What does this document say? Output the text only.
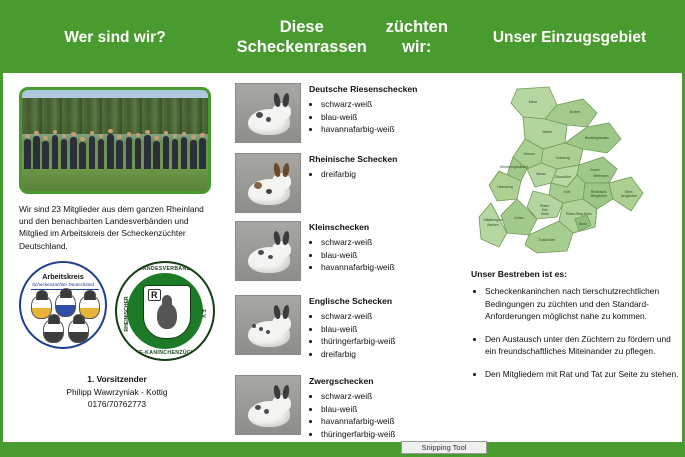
Wer sind wir?
Diese Scheckenrassen

züchten wir:
Unser Einzugsgebiet
Wir sind 23 Mitglieder aus dem ganzen Rheinland und den benachbarten Landesverbänden und Mitglied im Arbeitskreis der Scheckenzüchter Deutschland.
Arbeitskreis
Scheckenzüchter Deutschland
R
LANDESVERBAND
RHEINISCHER	E.V.
RASSE-KANINCHENZÜCHTER
1. Vorsitzender
Philipp Wawrzyniak - Kottig
0176/70762773
Deutsche Riesenschecken
• schwarz-weiß
• blau-weiß
• havannafarbig-weiß
Rheinische Schecken
• dreifarbig
Kleinschecken
• schwarz-weiß
• blau-weiß
• havannafarbig-weiß
Englische Schecken
• schwarz-weiß
• blau-weiß
• thüringerfarbig-weiß
• dreifarbig
Zwergschecken
• schwarz-weiß
• blau-weiß
• havannafarbig-weiß
• thüringerfarbig-weiß
•
Kleve
Borken
Wesel
Recklinghausen
Duisburg
Essen
Mettmann
Düsseldorf
Viersen
Neuss
Mönchengladbach
Heinsberg
Köln
Rhein-
Erft-
Kreis
Rheinisch-
Bergischer
Ober-
bergischer
Düren
Rhein-Sieg-Kreis
Bonn
Euskirchen
Städteregion
Aachen
Unser Bestreben ist es:
• Scheckenkaninchen nach tierschutzrechtlichen Bedingungen zu züchten und den Standard-Anforderungen möglichst nahe zu kommen.
• Den Austausch unter den Züchtern zu fördern und ein freundschaftliches Miteinander zu pflegen.
• Den Mitgliedern mit Rat und Tat zur Seite zu stehen.
Snipping Tool
